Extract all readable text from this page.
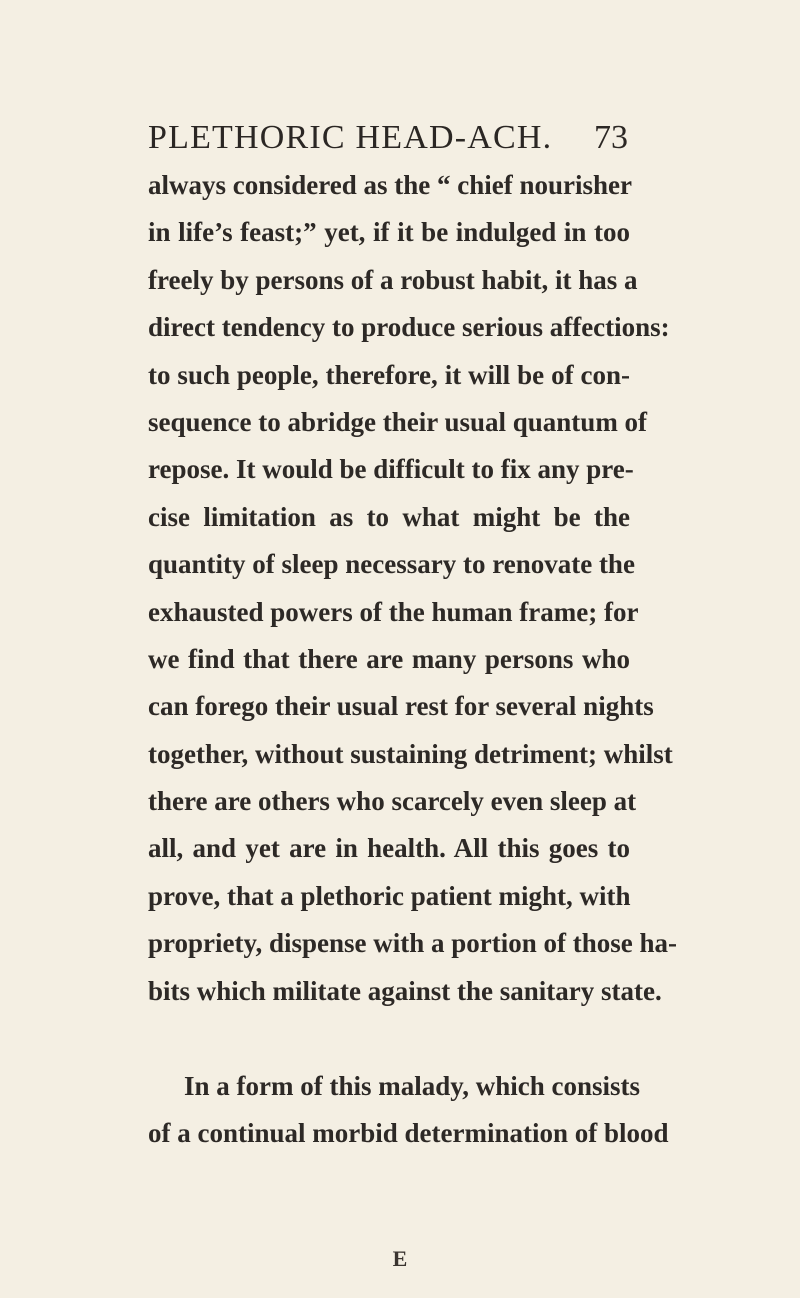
PLETHORIC HEAD-ACH. 73
always considered as the “ chief nourisher
in life’s feast;” yet, if it be indulged in too
freely by persons of a robust habit, it has a
direct tendency to produce serious affections:
to such people, therefore, it will be of con-
sequence to abridge their usual quantum of
repose. It would be difficult to fix any pre-
cise limitation as to what might be the
quantity of sleep necessary to renovate the
exhausted powers of the human frame; for
we find that there are many persons who
can forego their usual rest for several nights
together, without sustaining detriment; whilst
there are others who scarcely even sleep at
all, and yet are in health. All this goes to
prove, that a plethoric patient might, with
propriety, dispense with a portion of those ha-
bits which militate against the sanitary state.
In a form of this malady, which consists
of a continual morbid determination of blood
E
